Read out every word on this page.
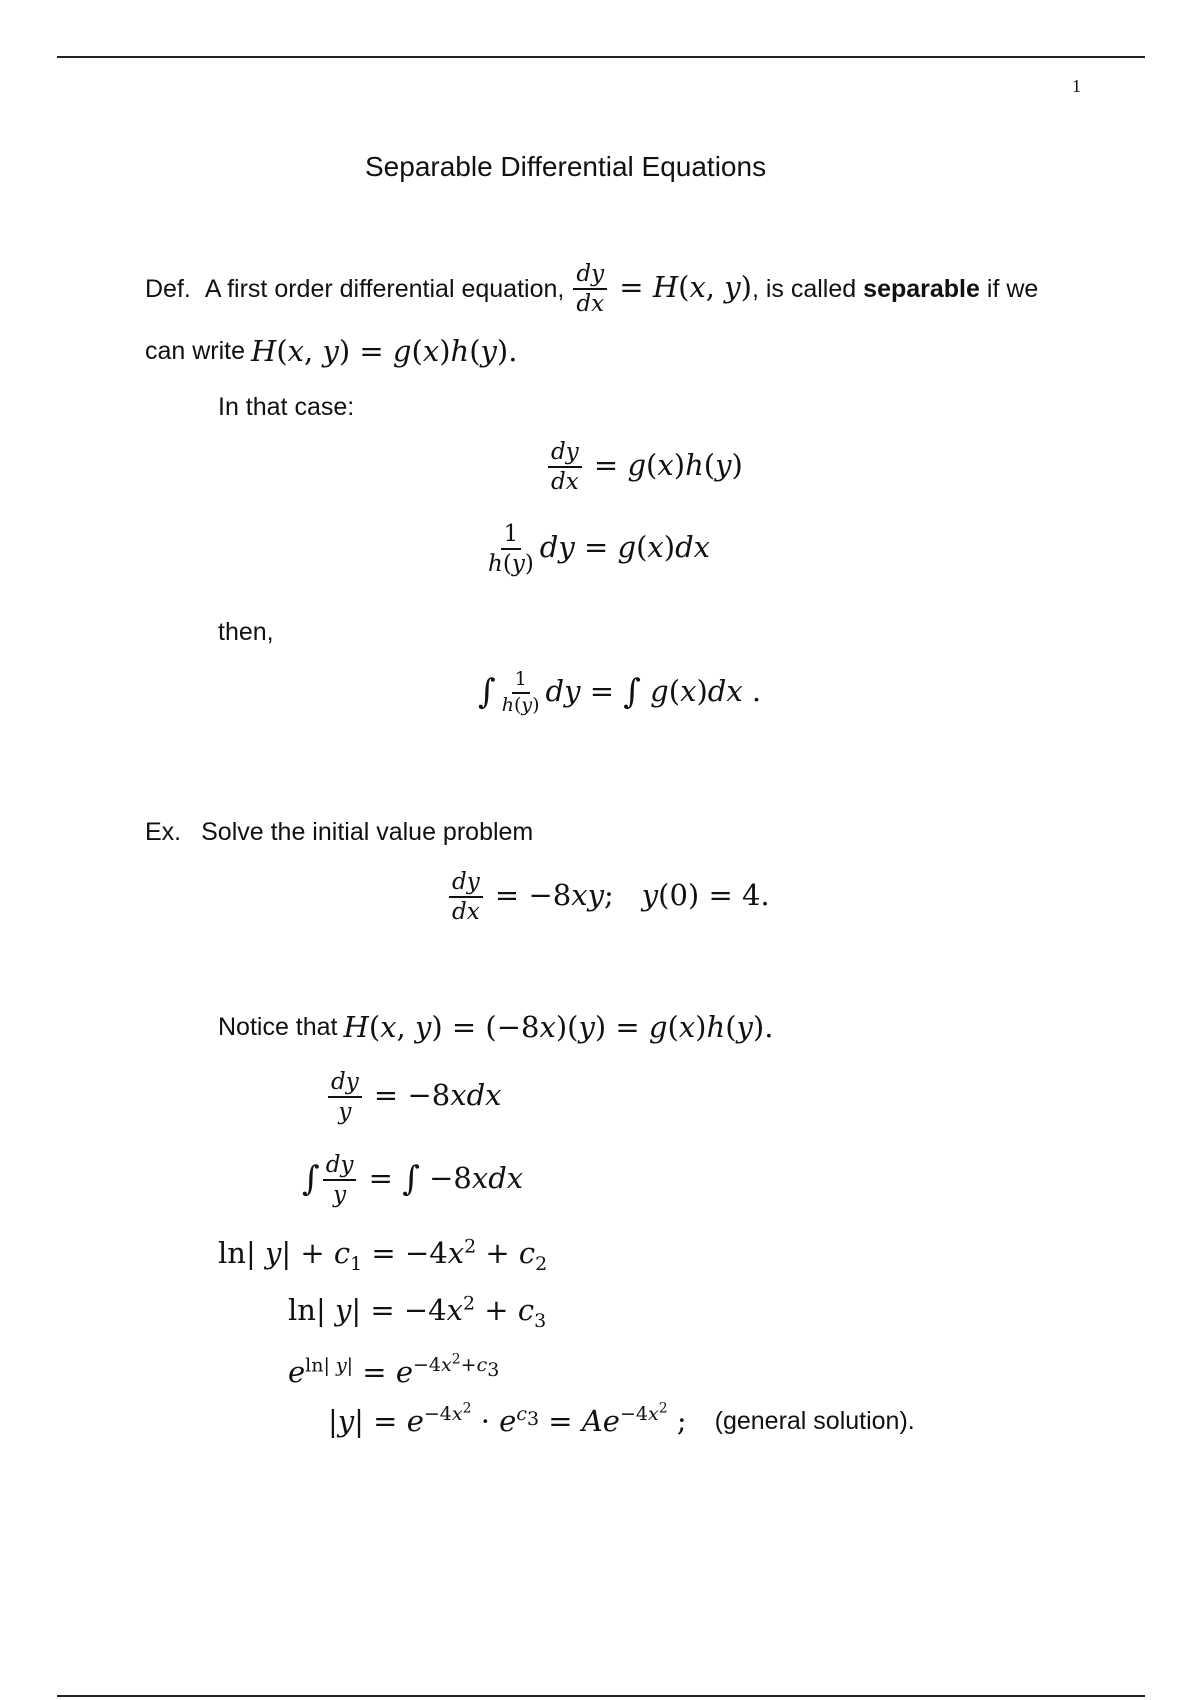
1
Separable Differential Equations
Def. A first order differential equation, $\frac{dy}{dx} = H(x$, y) , is called separable if we
can write H(x, y) = g(x)h(y).
In that case:
$\frac{dy}{dx} = g(x)h(y)$
$\frac{1}{h(y)}$ dy = g(x)dx
then,
∫ $\frac{1}{h(y)}$ dy = ∫ g(x)dx .
Ex. Solve the initial value problem
$\frac{dy}{dx} = -8xy$; y(0) = 4.
Notice that H(x, y) = (−8x)(y) = g(x)h(y).
$\frac{dy}{y} = -8xdx$
∫ $\frac{dy}{y}$ = ∫ −8xdx
ln| $y| + c_1 = -4x^2 + c_2$
ln| $y| = -4x^2 + c_3$
$e^{ln| y|} = e^{-4x^2+c_3}$
$|y| = e^{-4x^2} \cdot e^{c_3} = Ae^{-4x^2}$ ; (general solution).
